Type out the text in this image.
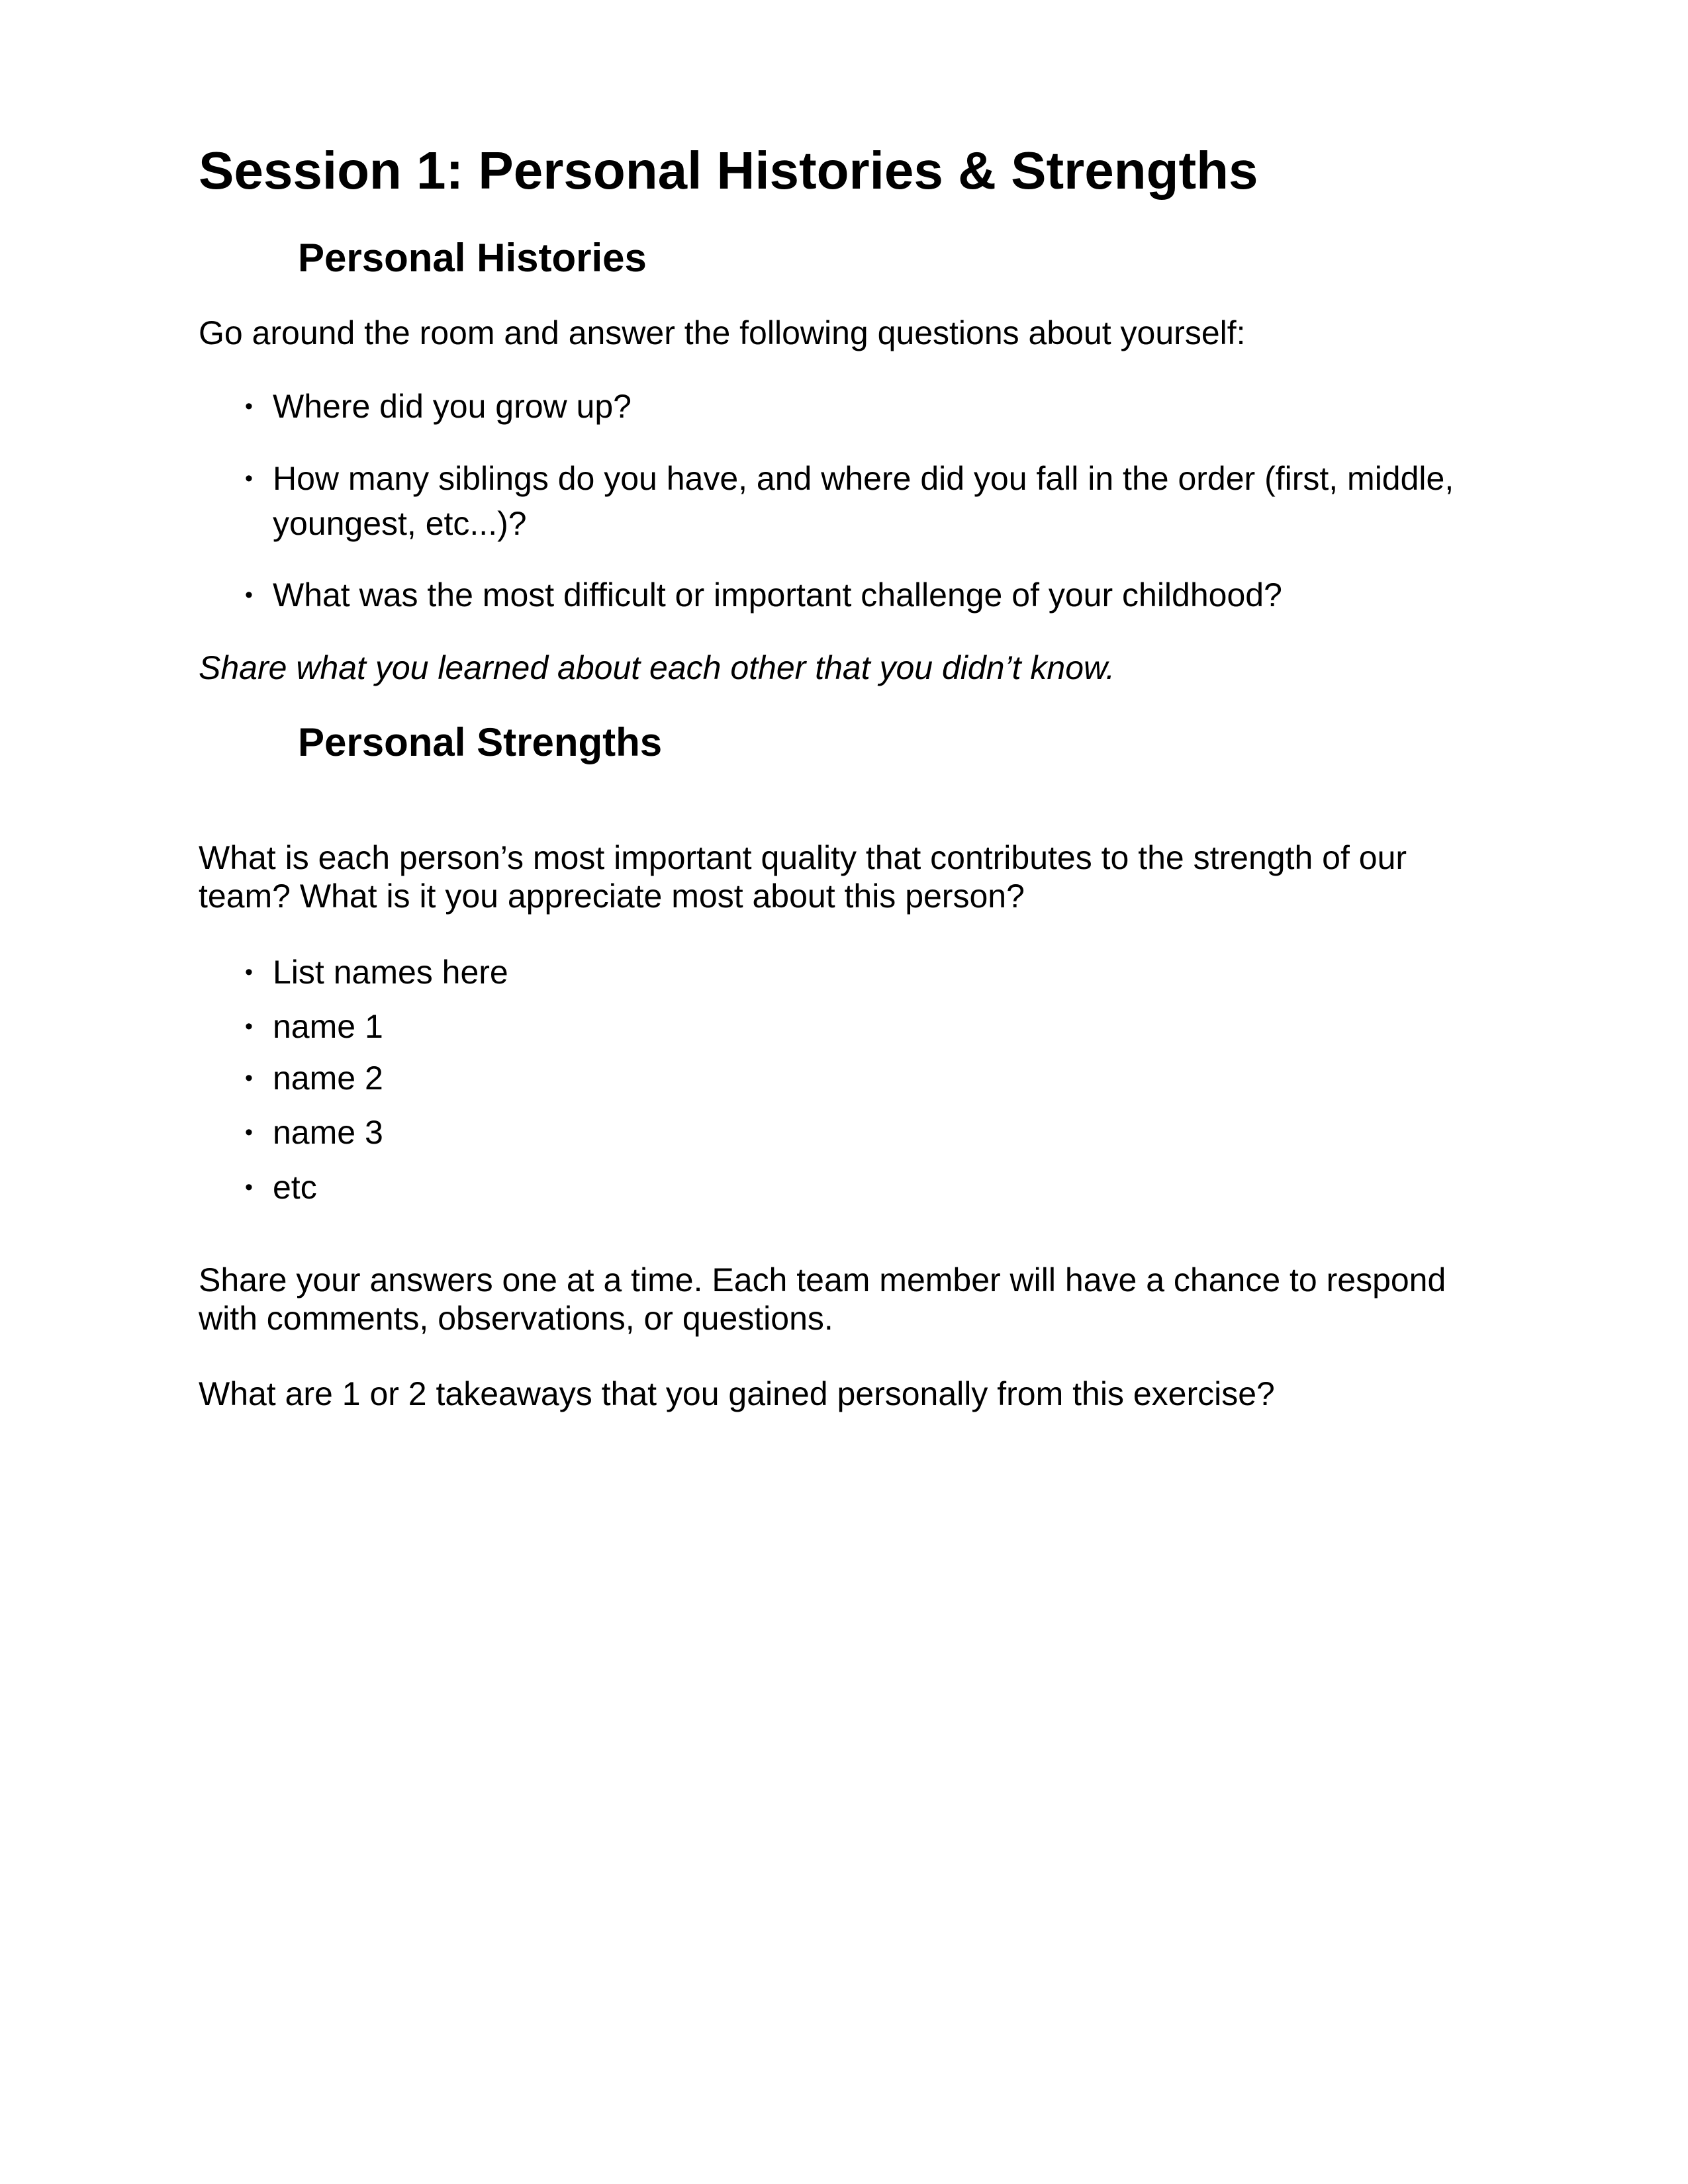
Session 1: Personal Histories & Strengths
Personal Histories

Go around the room and answer the following questions about yourself:

• Where did you grow up?
• How many siblings do you have, and where did you fall in the order (first, middle, youngest, etc...)?
• What was the most difficult or important challenge of your childhood?

Share what you learned about each other that you didn’t know.

Personal Strengths

What is each person’s most important quality that contributes to the strength of our team? What is it you appreciate most about this person?

• List names here
• name 1
• name 2
• name 3
• etc

Share your answers one at a time. Each team member will have a chance to respond with comments, observations, or questions.

What are 1 or 2 takeaways that you gained personally from this exercise?
